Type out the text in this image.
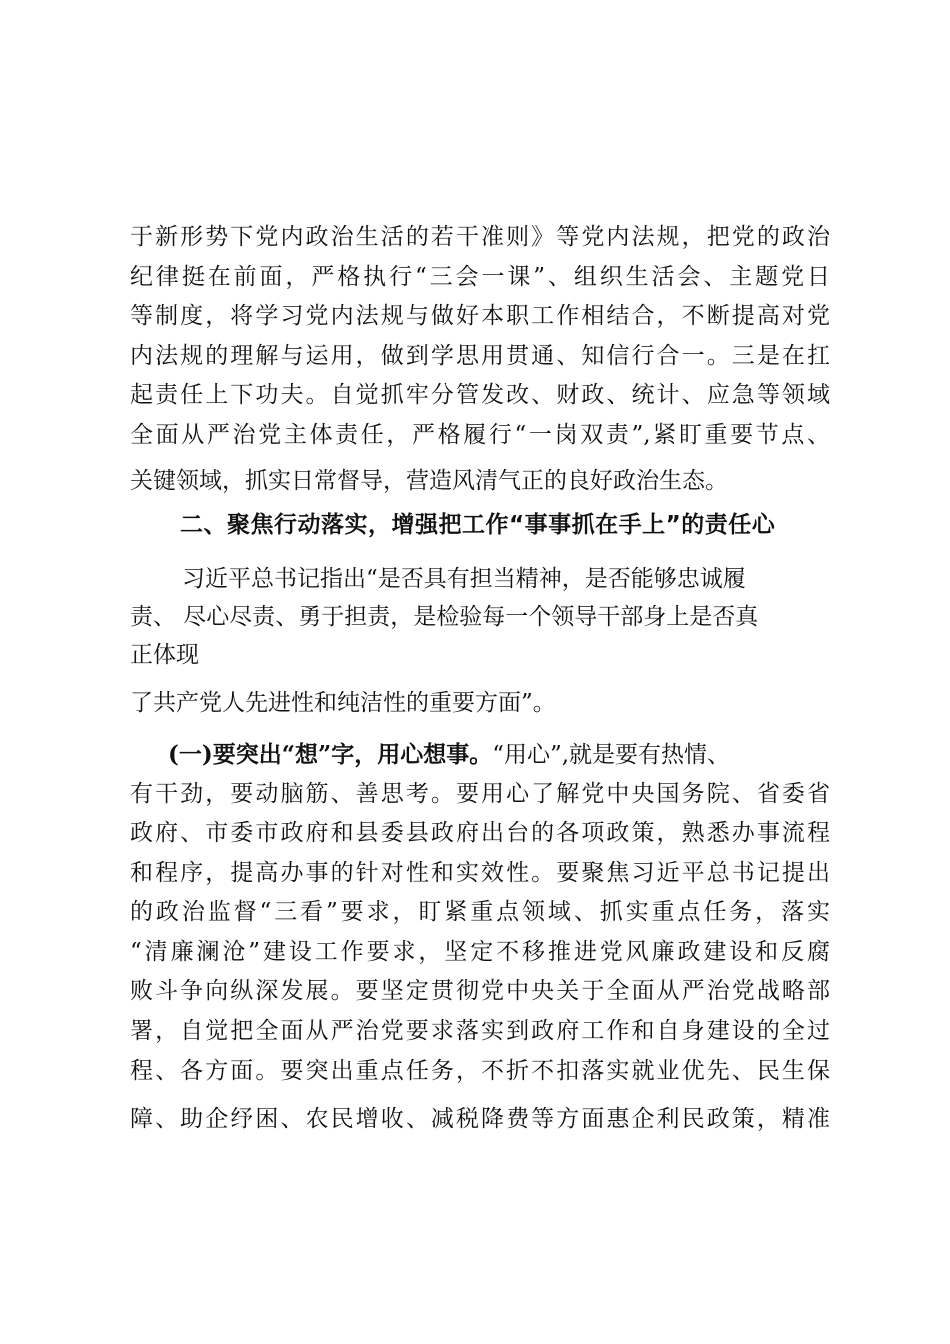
于新形势下党内政治生活的若干准则》等党内法规，把党的政治
纪律挺在前面，严格执行“三会一课”、组织生活会、主题党日
等制度，将学习党内法规与做好本职工作相结合，不断提高对党
内法规的理解与运用，做到学思用贯通、知信行合一。三是在扛
起责任上下功夫。自觉抓牢分管发改、财政、统计、应急等领域
全面从严治党主体责任，严格履行“一岗双责”,紧盯重要节点、
关键领域，抓实日常督导，营造风清气正的良好政治生态。
二、聚焦行动落实，增强把工作“事事抓在手上”的责任心
习近平总书记指出“是否具有担当精神，是否能够忠诚履
责、 尽心尽责、勇于担责，是检验每一个领导干部身上是否真
正体现
了共产党人先进性和纯洁性的重要方面”。
(一)要突出“想”字，用心想事。“用心”,就是要有热情、
有干劲，要动脑筋、善思考。要用心了解党中央国务院、省委省
政府、市委市政府和县委县政府出台的各项政策，熟悉办事流程
和程序，提高办事的针对性和实效性。要聚焦习近平总书记提出
的政治监督“三看”要求，盯紧重点领域、抓实重点任务，落实
“清廉澜沧”建设工作要求，坚定不移推进党风廉政建设和反腐
败斗争向纵深发展。要坚定贯彻党中央关于全面从严治党战略部
署，自觉把全面从严治党要求落实到政府工作和自身建设的全过
程、各方面。要突出重点任务，不折不扣落实就业优先、民生保
障、助企纾困、农民增收、减税降费等方面惠企利民政策，精准
